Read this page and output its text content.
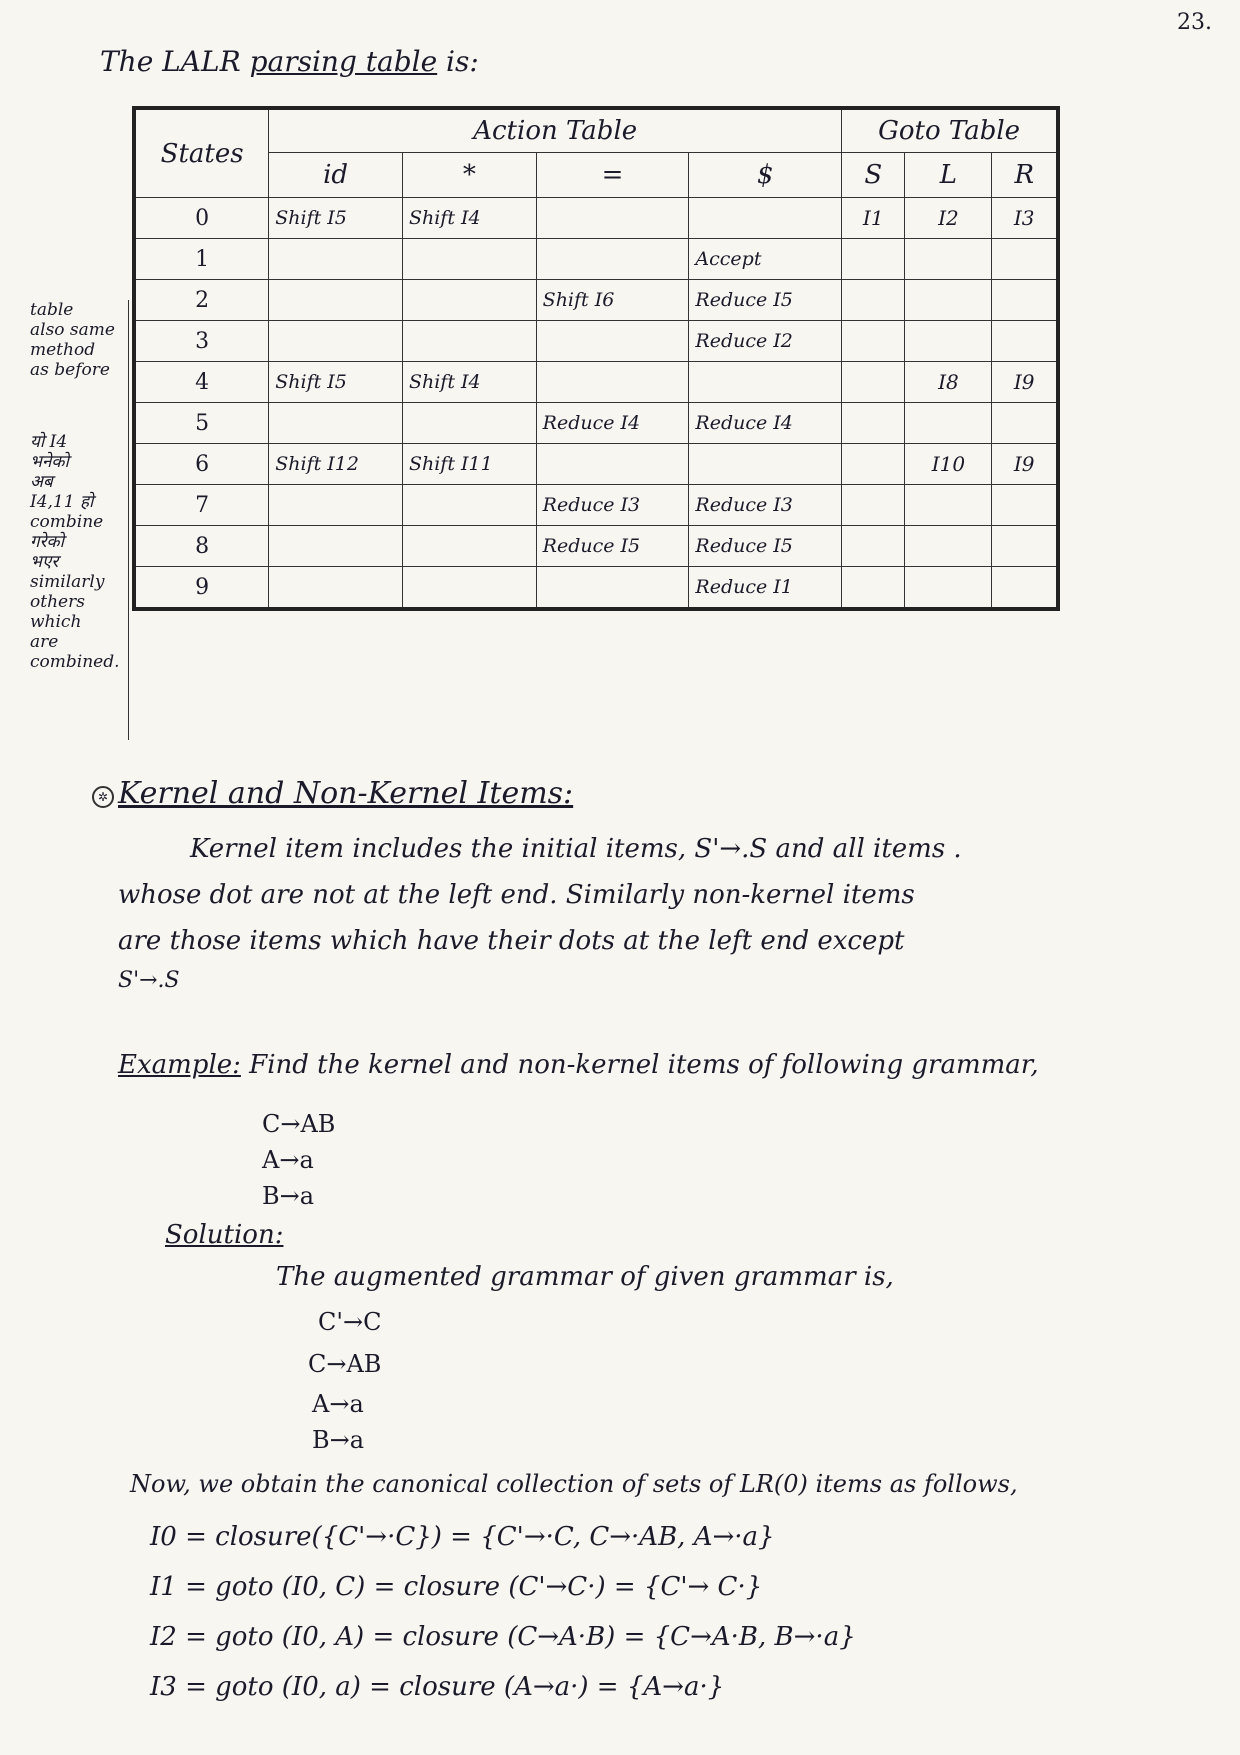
23.
The LALR parsing table is:
States	Action Table				Goto Table		
	id	*	=	$	S	L	R
0	Shift I5	Shift I4			I1	I2	I3
1				Accept			
2			Shift I6	Reduce I5			
3				Reduce I2			
4	Shift I5	Shift I4				I8	I9
5			Reduce I4	Reduce I4			
6	Shift I12	Shift I11				I10	I9
7			Reduce I3	Reduce I3			
8			Reduce I5	Reduce I5			
9				Reduce I1			
table
also same
method
as before
यो I4
भनेको
अब
I4,11 हो
combine
गरेको
भएर
similarly
others
which
are
combined.
✲ Kernel and Non-Kernel Items:
Kernel item includes the initial items, S'→.S and all items .
whose dot are not at the left end. Similarly non-kernel items
are those items which have their dots at the left end except
S'→.S
Example: Find the kernel and non-kernel items of following grammar,
C→AB
A→a
B→a
Solution:
The augmented grammar of given grammar is,
C'→C
C→AB
A→a
B→a
Now, we obtain the canonical collection of sets of LR(0) items as follows,
I0 = closure({C'→·C}) = {C'→·C, C→·AB, A→·a}
I1 = goto (I0, C) = closure (C'→C·) = {C'→ C·}
I2 = goto (I0, A) = closure (C→A·B) = {C→A·B, B→·a}
I3 = goto (I0, a) = closure (A→a·) = {A→a·}
